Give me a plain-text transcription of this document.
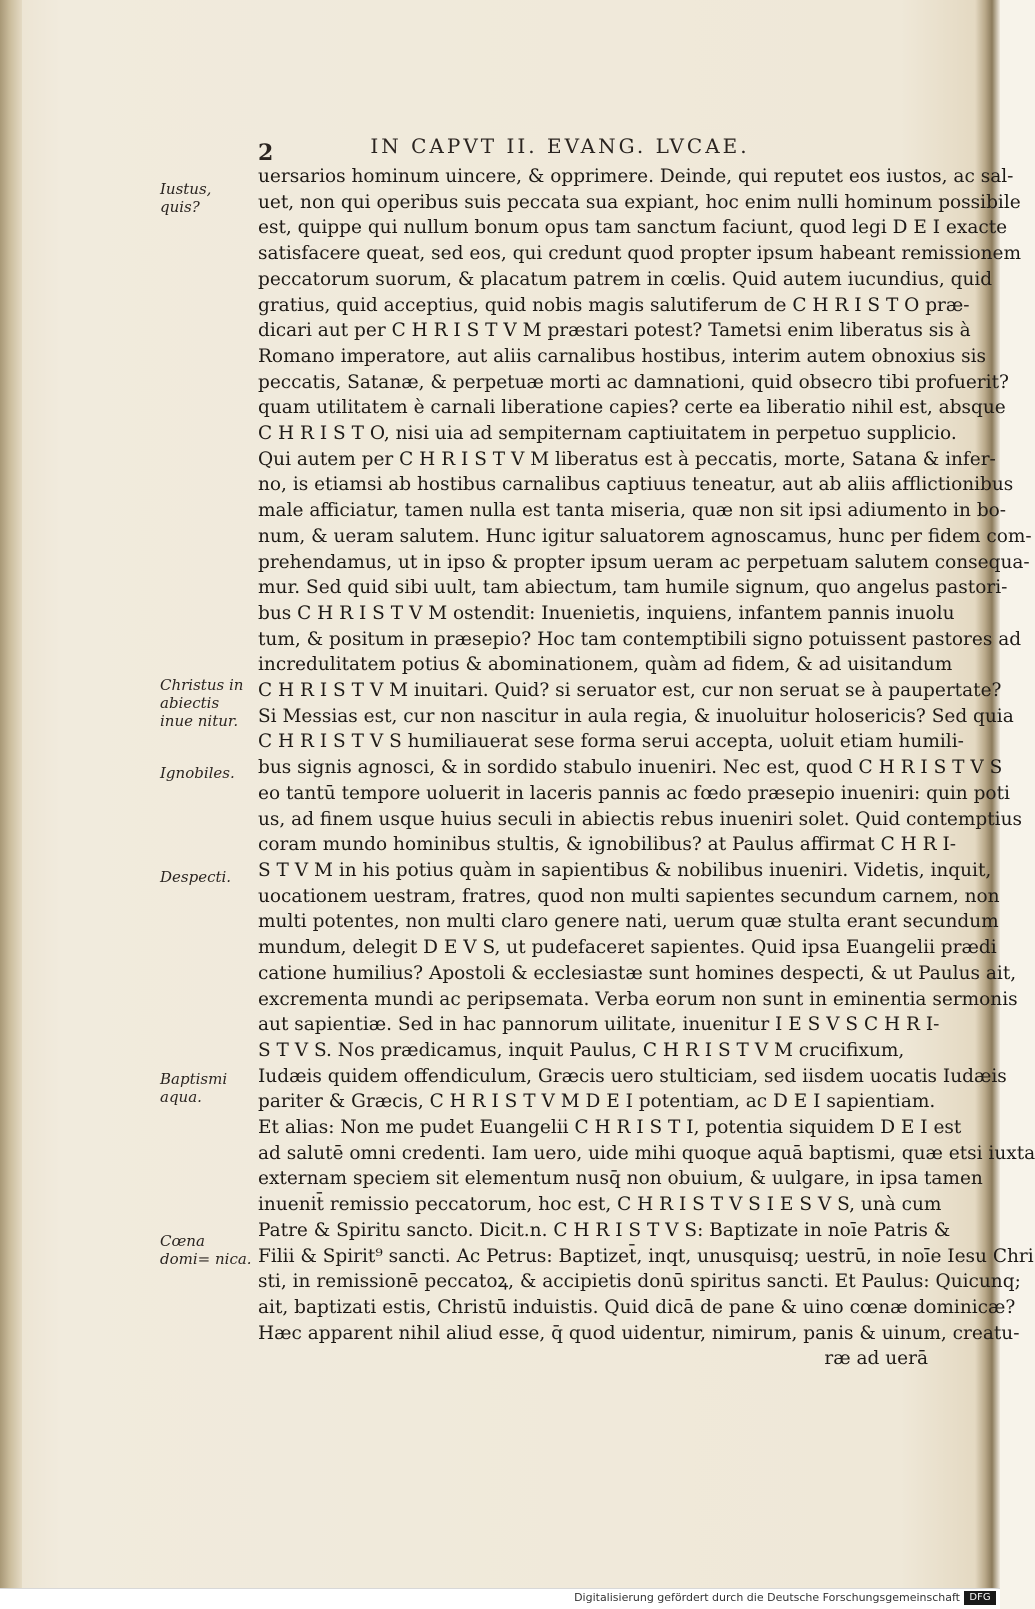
2	IN CAPVT II. EVANG. LVCAE.
Iustus, quis?
Christus in abiectis inue nitur.
Ignobiles.
Despecti.
Baptismi aqua.
Cœna domi= nica.
uersarios hominum uincere, & opprimere. Deinde, qui reputet eos iustos, ac sal-
uet, non qui operibus suis peccata sua expiant, hoc enim nulli hominum possibile
est, quippe qui nullum bonum opus tam sanctum faciunt, quod legi D E I exacte
satisfacere queat, sed eos, qui credunt quod propter ipsum habeant remissionem
peccatorum suorum, & placatum patrem in cœlis. Quid autem iucundius, quid
gratius, quid acceptius, quid nobis magis salutiferum de C H R I S T O præ-
dicari aut per C H R I S T V M præstari potest? Tametsi enim liberatus sis à
Romano imperatore, aut aliis carnalibus hostibus, interim autem obnoxius sis
peccatis, Satanæ, & perpetuæ morti ac damnationi, quid obsecro tibi profuerit?
quam utilitatem è carnali liberatione capies? certe ea liberatio nihil est, absque
C H R I S T O, nisi uia ad sempiternam captiuitatem in perpetuo supplicio.
Qui autem per C H R I S T V M liberatus est à peccatis, morte, Satana & infer-
no, is etiamsi ab hostibus carnalibus captiuus teneatur, aut ab aliis afflictionibus
male afficiatur, tamen nulla est tanta miseria, quæ non sit ipsi adiumento in bo-
num, & ueram salutem. Hunc igitur saluatorem agnoscamus, hunc per fidem com-
prehendamus, ut in ipso & propter ipsum ueram ac perpetuam salutem consequa-
mur. Sed quid sibi uult, tam abiectum, tam humile signum, quo angelus pastori-
bus C H R I S T V M ostendit: Inuenietis, inquiens, infantem pannis inuolu
tum, & positum in præsepio? Hoc tam contemptibili signo potuissent pastores ad
incredulitatem potius & abominationem, quàm ad fidem, & ad uisitandum
C H R I S T V M inuitari. Quid? si seruator est, cur non seruat se à paupertate?
Si Messias est, cur non nascitur in aula regia, & inuoluitur holosericis? Sed quia
C H R I S T V S humiliauerat sese forma serui accepta, uoluit etiam humili-
bus signis agnosci, & in sordido stabulo inueniri. Nec est, quod C H R I S T V S
eo tantū tempore uoluerit in laceris pannis ac fœdo præsepio inueniri: quin poti
us, ad finem usque huius seculi in abiectis rebus inueniri solet. Quid contemptius
coram mundo hominibus stultis, & ignobilibus? at Paulus affirmat C H R I-
S T V M in his potius quàm in sapientibus & nobilibus inueniri. Videtis, inquit,
uocationem uestram, fratres, quod non multi sapientes secundum carnem, non
multi potentes, non multi claro genere nati, uerum quæ stulta erant secundum
mundum, delegit D E V S, ut pudefaceret sapientes. Quid ipsa Euangelii prædi
catione humilius? Apostoli & ecclesiastæ sunt homines despecti, & ut Paulus ait,
excrementa mundi ac peripsemata. Verba eorum non sunt in eminentia sermonis
aut sapientiæ. Sed in hac pannorum uilitate, inuenitur I E S V S C H R I-
S T V S. Nos prædicamus, inquit Paulus, C H R I S T V M crucifixum,
Iudæis quidem offendiculum, Græcis uero stulticiam, sed iisdem uocatis Iudæis
pariter & Græcis, C H R I S T V M D E I potentiam, ac D E I sapientiam.
Et alias: Non me pudet Euangelii C H R I S T I, potentia siquidem D E I est
ad salutē omni credenti. Iam uero, uide mihi quoque aquā baptismi, quæ etsi iuxta
externam speciem sit elementum nusq̄ non obuium, & uulgare, in ipsa tamen
inuenit̄ remissio peccatorum, hoc est, C H R I S T V S I E S V S, unà cum
Patre & Spiritu sancto. Dicit.n. C H R I S T V S: Baptizate in noīe Patris &
Filii & Spirit⁹ sancti. Ac Petrus: Baptizet̄, inqt, unusquisq; uestrū, in noīe Iesu Chri
sti, in remissionē peccatoꝝ, & accipietis donū spiritus sancti. Et Paulus: Quicunq;
ait, baptizati estis, Christū induistis. Quid dicā de pane & uino cœnæ dominicæ?
Hæc apparent nihil aliud esse, q̄ quod uidentur, nimirum, panis & uinum, creatu-
ræ ad uerā
Digitalisierung gefördert durch die Deutsche Forschungsgemeinschaft DFG
